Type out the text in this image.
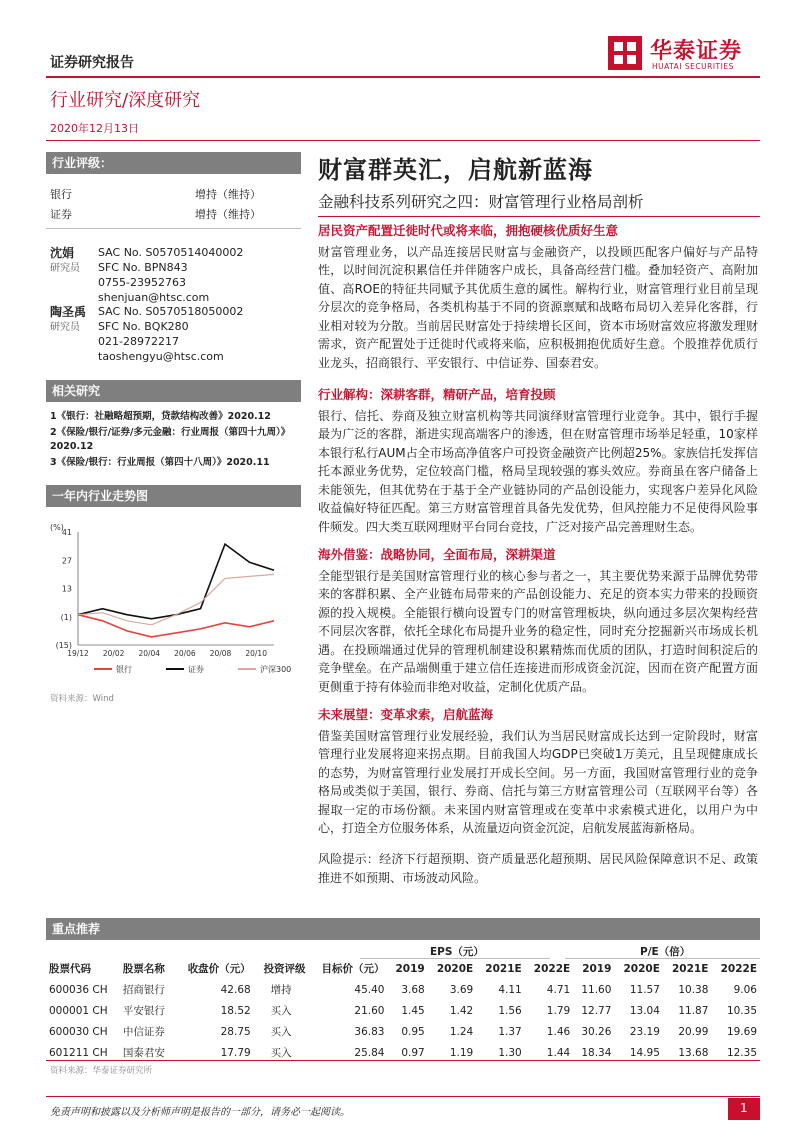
证券研究报告	华泰证券
HUATAI SECURITIES
行业研究/深度研究
2020年12月13日
行业评级：
银行	增持（维持）
证券	增持（维持）
沈娟
研究员
SAC No. S0570514040002
SFC No. BPN843
0755-23952763
shenjuan@htsc.com
陶圣禹
研究员
SAC No. S0570518050002
SFC No. BQK280
021-28972217
taoshengyu@htsc.com
相关研究
1《银行：社融略超预期，贷款结构改善》2020.12
2《保险/银行/证券/多元金融：行业周报（第四十九周）》2020.12
3《保险/银行：行业周报（第四十八周）》2020.11
一年内行业走势图
(%)
41
27
13
(1)
(15)
19/12 20/02 20/04 20/06 20/08 20/10
银行	证券	沪深300
资料来源：Wind
财富群英汇，启航新蓝海
金融科技系列研究之四：财富管理行业格局剖析
居民资产配置迁徙时代或将来临，拥抱硬核优质好生意
财富管理业务，以产品连接居民财富与金融资产，以投顾匹配客户偏好与产品特性，以时间沉淀积累信任并伴随客户成长，具备高经营门槛。叠加轻资产、高附加值、高ROE的特征共同赋予其优质生意的属性。解构行业，财富管理行业目前呈现分层次的竞争格局，各类机构基于不同的资源禀赋和战略布局切入差异化客群，行业相对较为分散。当前居民财富处于持续增长区间，资本市场财富效应将激发理财需求，资产配置处于迁徙时代或将来临，应积极拥抱优质好生意。个股推荐优质行业龙头，招商银行、平安银行、中信证券、国泰君安。
行业解构：深耕客群，精研产品，培育投顾
银行、信托、券商及独立财富机构等共同演绎财富管理行业竞争。其中，银行手握最为广泛的客群，渐进实现高端客户的渗透，但在财富管理市场举足轻重，10家样本银行私行AUM占全市场高净值客户可投资金融资产比例超25%。家族信托发挥信托本源业务优势，定位较高门槛，格局呈现较强的寡头效应。券商虽在客户储备上未能领先，但其优势在于基于全产业链协同的产品创设能力，实现客户差异化风险收益偏好特征匹配。第三方财富管理首具备先发优势，但风控能力不足使得风险事件频发。四大类互联网理财平台同台竞技，广泛对接产品完善理财生态。
海外借鉴：战略协同，全面布局，深耕渠道
全能型银行是美国财富管理行业的核心参与者之一，其主要优势来源于品牌优势带来的客群积累、全产业链布局带来的产品创设能力、充足的资本实力带来的投顾资源的投入规模。全能银行横向设置专门的财富管理板块，纵向通过多层次架构经营不同层次客群，依托全球化布局提升业务的稳定性，同时充分挖掘新兴市场成长机遇。在投顾端通过优异的管理机制建设积累精炼而优质的团队，打造时间积淀后的竞争壁垒。在产品端侧重于建立信任连接进而形成资金沉淀，因而在资产配置方面更侧重于持有体验而非绝对收益，定制化优质产品。
未来展望：变革求索，启航蓝海
借鉴美国财富管理行业发展经验，我们认为当居民财富成长达到一定阶段时，财富管理行业发展将迎来拐点期。目前我国人均GDP已突破1万美元，且呈现健康成长的态势，为财富管理行业发展打开成长空间。另一方面，我国财富管理行业的竞争格局或类似于美国，银行、券商、信托与第三方财富管理公司（互联网平台等）各握取一定的市场份额。未来国内财富管理或在变革中求索模式进化，以用户为中心，打造全方位服务体系，从流量迈向资金沉淀，启航发展蓝海新格局。
风险提示：经济下行超预期、资产质量恶化超预期、居民风险保障意识不足、政策推进不如预期、市场波动风险。
重点推荐
EPS（元）	P/E（倍）
股票代码	股票名称	收盘价（元）	投资评级	目标价（元）	2019	2020E	2021E	2022E	2019	2020E	2021E	2022E
600036 CH	招商银行	42.68	增持	45.40	3.68	3.69	4.11	4.71	11.60	11.57	10.38	9.06
000001 CH	平安银行	18.52	买入	21.60	1.45	1.42	1.56	1.79	12.77	13.04	11.87	10.35
600030 CH	中信证券	28.75	买入	36.83	0.95	1.24	1.37	1.46	30.26	23.19	20.99	19.69
601211 CH	国泰君安	17.79	买入	25.84	0.97	1.19	1.30	1.44	18.34	14.95	13.68	12.35
资料来源：华泰证券研究所
免责声明和披露以及分析师声明是报告的一部分，请务必一起阅读。	1
